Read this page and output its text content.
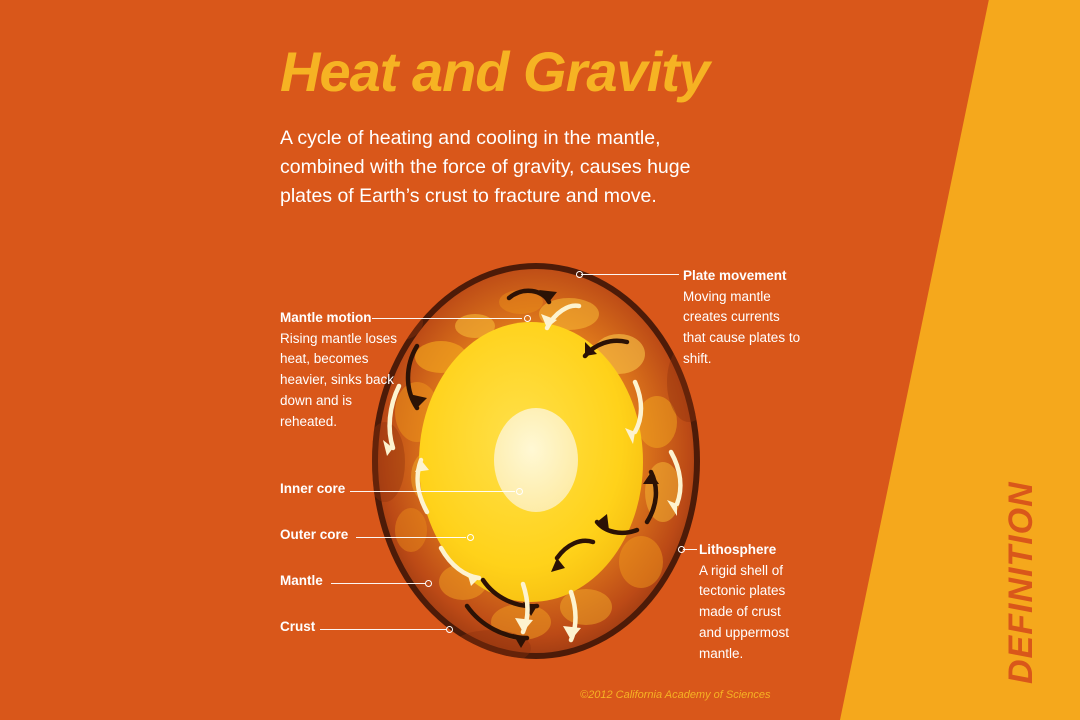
DEFINITION
Heat and Gravity
A cycle of heating and cooling in the mantle, combined with the force of gravity, causes huge plates of Earth’s crust to fracture and move.
Mantle motion
Rising mantle loses heat, becomes heavier, sinks back down and is reheated.
Inner core
Outer core
Mantle
Crust
Plate movement
Moving mantle creates currents that cause plates to shift.
Lithosphere
A rigid shell of tectonic plates made of crust and uppermost mantle.
©2012 California Academy of Sciences
